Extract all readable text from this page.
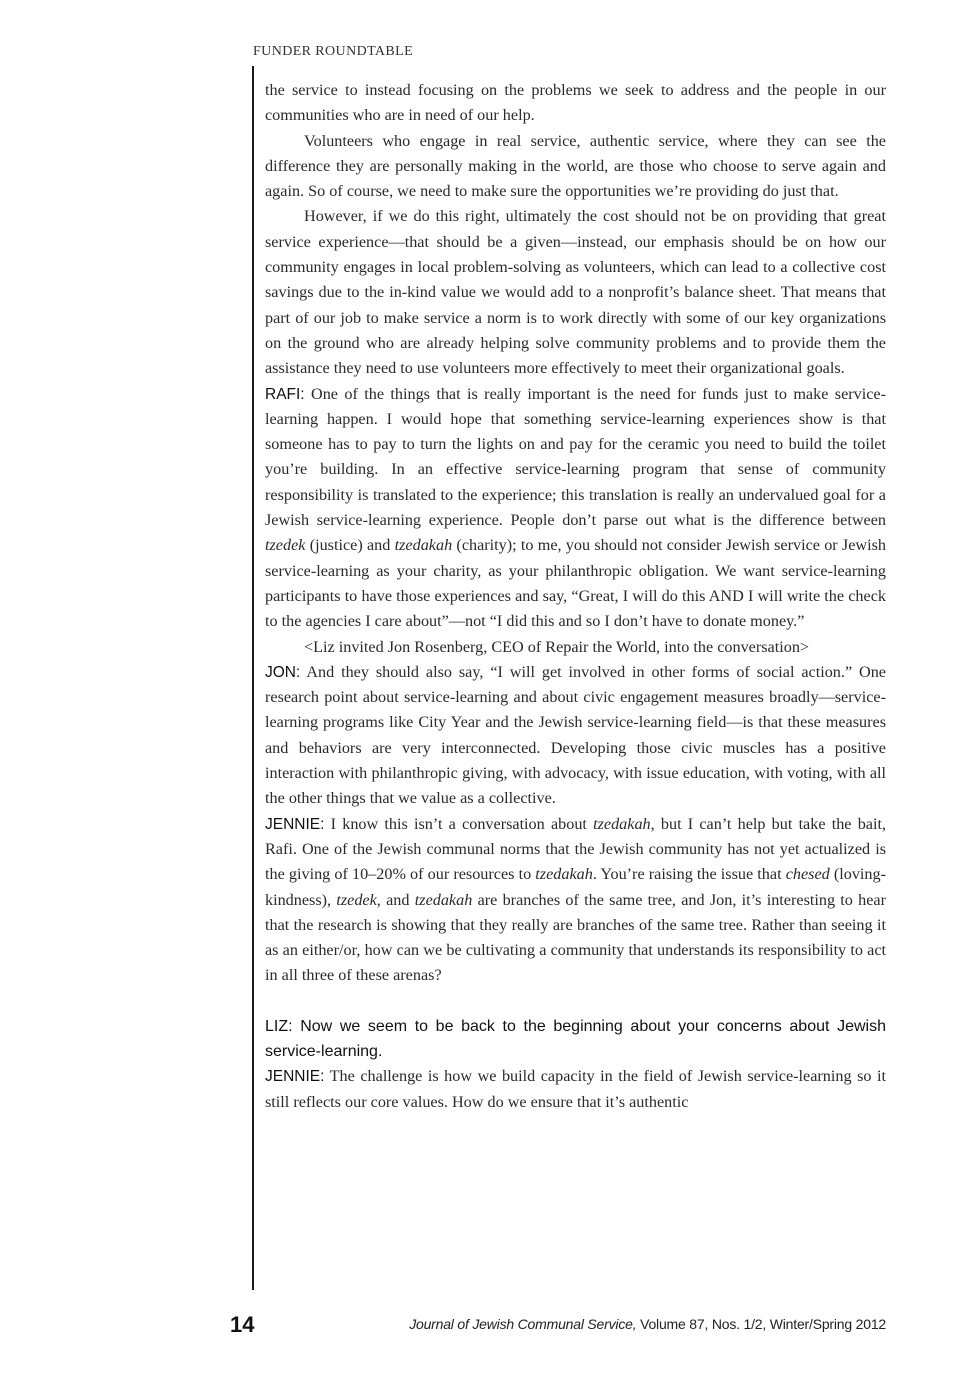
FUNDER ROUNDTABLE

the service to instead focusing on the problems we seek to address and the people in our communities who are in need of our help.

Volunteers who engage in real service, authentic service, where they can see the difference they are personally making in the world, are those who choose to serve again and again. So of course, we need to make sure the opportunities we’re providing do just that.

However, if we do this right, ultimately the cost should not be on providing that great service experience—that should be a given—instead, our emphasis should be on how our community engages in local problem-solving as volunteers, which can lead to a collective cost savings due to the in-kind value we would add to a nonprofit’s balance sheet. That means that part of our job to make service a norm is to work directly with some of our key organizations on the ground who are already helping solve community problems and to provide them the assistance they need to use volunteers more effectively to meet their organizational goals.

RAFI: One of the things that is really important is the need for funds just to make service-learning happen. I would hope that something service-learning experiences show is that someone has to pay to turn the lights on and pay for the ceramic you need to build the toilet you’re building. In an effective service-learning program that sense of community responsibility is translated to the experience; this translation is really an undervalued goal for a Jewish service-learning experience. People don’t parse out what is the difference between tzedek (justice) and tzedakah (charity); to me, you should not consider Jewish service or Jewish service-learning as your charity, as your philanthropic obligation. We want service-learning participants to have those experiences and say, “Great, I will do this AND I will write the check to the agencies I care about”—not “I did this and so I don’t have to donate money.”

<Liz invited Jon Rosenberg, CEO of Repair the World, into the conversation>

JON: And they should also say, “I will get involved in other forms of social action.” One research point about service-learning and about civic engagement measures broadly—service-learning programs like City Year and the Jewish service-learning field—is that these measures and behaviors are very interconnected. Developing those civic muscles has a positive interaction with philanthropic giving, with advocacy, with issue education, with voting, with all the other things that we value as a collective.

JENNIE: I know this isn’t a conversation about tzedakah, but I can’t help but take the bait, Rafi. One of the Jewish communal norms that the Jewish community has not yet actualized is the giving of 10–20% of our resources to tzedakah. You’re raising the issue that chesed (loving-kindness), tzedek, and tzedakah are branches of the same tree, and Jon, it’s interesting to hear that the research is showing that they really are branches of the same tree. Rather than seeing it as an either/or, how can we be cultivating a community that understands its responsibility to act in all three of these arenas?

LIZ: Now we seem to be back to the beginning about your concerns about Jewish service-learning.

JENNIE: The challenge is how we build capacity in the field of Jewish service-learning so it still reflects our core values. How do we ensure that it’s authentic

14	Journal of Jewish Communal Service, Volume 87, Nos. 1/2, Winter/Spring 2012
